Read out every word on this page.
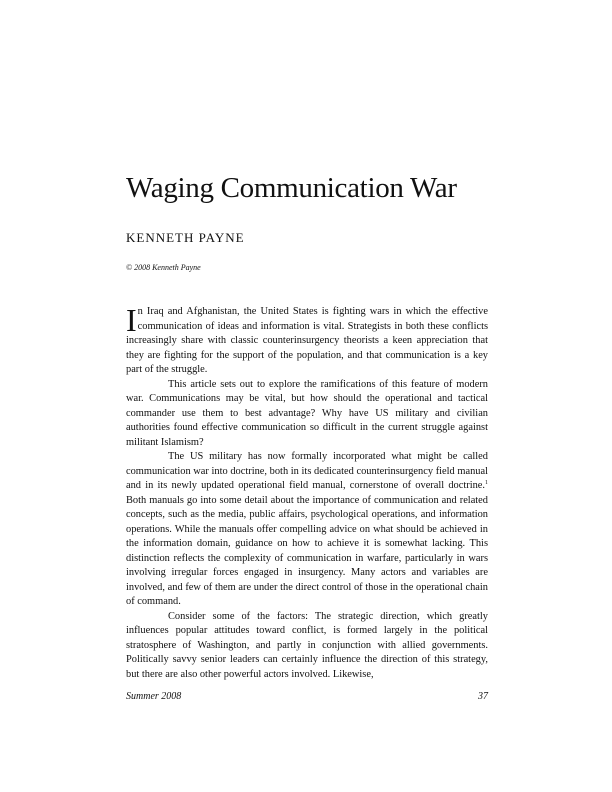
Waging Communication War
KENNETH PAYNE
© 2008 Kenneth Payne

In Iraq and Afghanistan, the United States is fighting wars in which the effective communication of ideas and information is vital. Strategists in both these conflicts increasingly share with classic counterinsurgency theorists a keen appreciation that they are fighting for the support of the population, and that communication is a key part of the struggle.

This article sets out to explore the ramifications of this feature of modern war. Communications may be vital, but how should the operational and tactical commander use them to best advantage? Why have US military and civilian authorities found effective communication so difficult in the current struggle against militant Islamism?

The US military has now formally incorporated what might be called communication war into doctrine, both in its dedicated counterinsurgency field manual and in its newly updated operational field manual, cornerstone of overall doctrine.$^1$ Both manuals go into some detail about the importance of communication and related concepts, such as the media, public affairs, psychological operations, and information operations. While the manuals offer compelling advice on what should be achieved in the information domain, guidance on how to achieve it is somewhat lacking. This distinction reflects the complexity of communication in warfare, particularly in wars involving irregular forces engaged in insurgency. Many actors and variables are involved, and few of them are under the direct control of those in the operational chain of command.

Consider some of the factors: The strategic direction, which greatly influences popular attitudes toward conflict, is formed largely in the political stratosphere of Washington, and partly in conjunction with allied governments. Politically savvy senior leaders can certainly influence the direction of this strategy, but there are also other powerful actors involved. Likewise,

Summer 2008	37
